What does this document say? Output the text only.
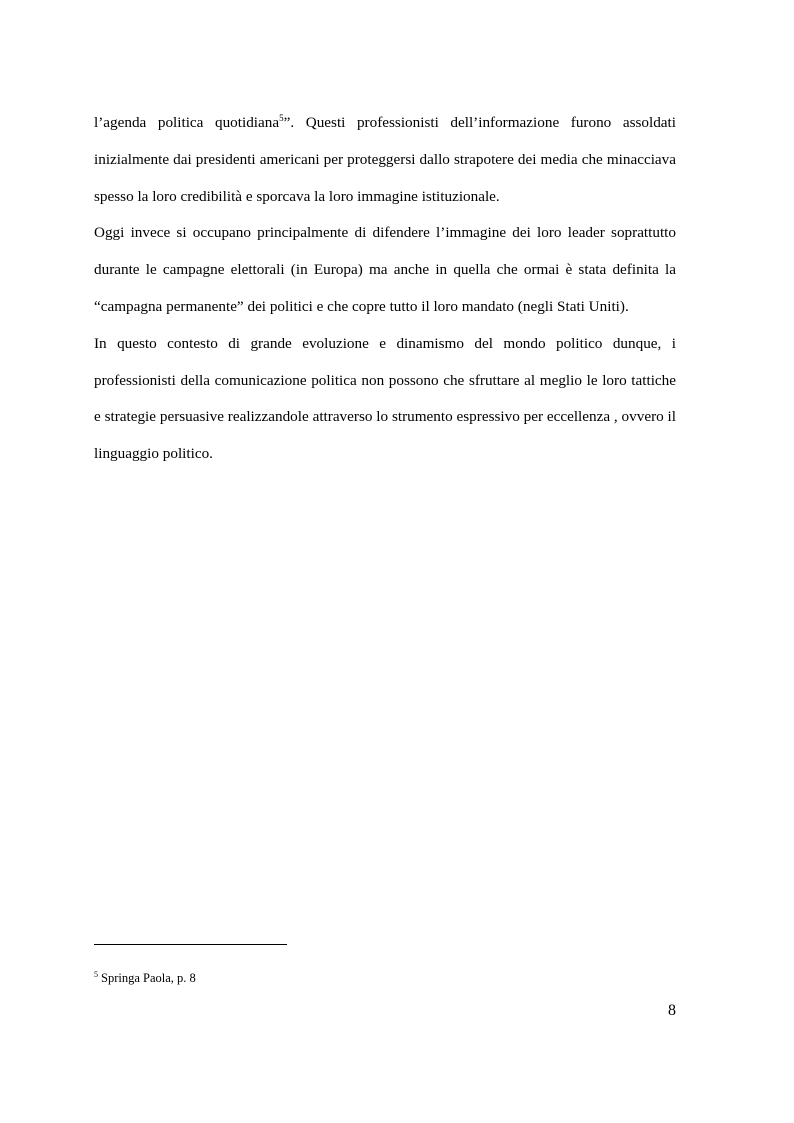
l’agenda politica quotidiana$^5$”. Questi professionisti dell’informazione furono assoldati inizialmente dai presidenti americani per proteggersi dallo strapotere dei media che minacciava spesso la loro credibilità e sporcava la loro immagine istituzionale.

Oggi invece si occupano principalmente di difendere l’immagine dei loro leader soprattutto durante le campagne elettorali (in Europa) ma anche in quella che ormai è stata definita la “campagna permanente” dei politici e che copre tutto il loro mandato (negli Stati Uniti).

In questo contesto di grande evoluzione e dinamismo del mondo politico dunque, i professionisti della comunicazione politica non possono che sfruttare al meglio le loro tattiche e strategie persuasive realizzandole attraverso lo strumento espressivo per eccellenza , ovvero il linguaggio politico.

$^5$ Springa Paola, p. 8
8
